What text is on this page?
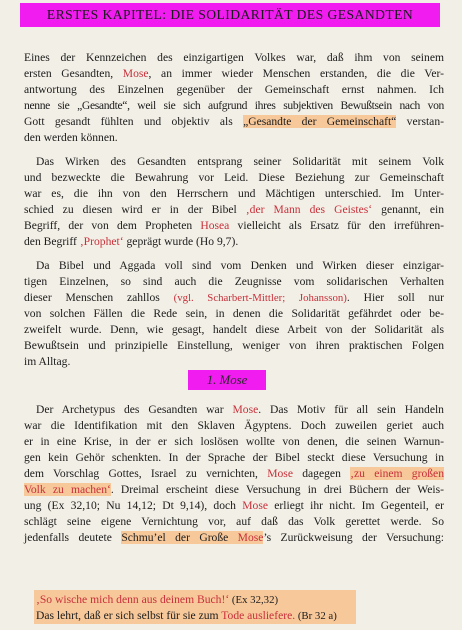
ERSTES KAPITEL: DIE SOLIDARITÄT DES GESANDTEN
Eines der Kennzeichen des einzigartigen Volkes war, daß ihm von seinem
ersten Gesandten, Mose, an immer wieder Menschen erstanden, die die Ver-
antwortung des Einzelnen gegenüber der Gemeinschaft ernst nahmen. Ich
nenne sie „Gesandte“, weil sie sich aufgrund ihres subjektiven Bewußtsein nach von
Gott gesandt fühlten und objektiv als „Gesandte der Gemeinschaft“ verstan-
den werden können.
Das Wirken des Gesandten entsprang seiner Solidarität mit seinem Volk
und bezweckte die Bewahrung vor Leid. Diese Beziehung zur Gemeinschaft
war es, die ihn von den Herrschern und Mächtigen unterschied. Im Unter-
schied zu diesen wird er in der Bibel ‚der Mann des Geistes‘ genannt, ein
Begriff, der von dem Propheten Hosea vielleicht als Ersatz für den irreführen-
den Begriff ‚Prophet‘ geprägt wurde (Ho 9,7).
Da Bibel und Aggada voll sind vom Denken und Wirken dieser einzigar-
tigen Einzelnen, so sind auch die Zeugnisse vom solidarischen Verhalten
dieser Menschen zahllos (vgl. Scharbert-Mittler; Johansson). Hier soll nur
von solchen Fällen die Rede sein, in denen die Solidarität gefährdet oder be-
zweifelt wurde. Denn, wie gesagt, handelt diese Arbeit von der Solidarität als
Bewußtsein und prinzipielle Einstellung, weniger von ihren praktischen Folgen
im Alltag.
1. Mose
Der Archetypus des Gesandten war Mose. Das Motiv für all sein Handeln
war die Identifikation mit den Sklaven Ägyptens. Doch zuweilen geriet auch
er in eine Krise, in der er sich loslösen wollte von denen, die seinen Warnun-
gen kein Gehör schenkten. In der Sprache der Bibel steckt diese Versuchung in
dem Vorschlag Gottes, Israel zu vernichten, Mose dagegen ‚zu einem großen
Volk zu machen‘. Dreimal erscheint diese Versuchung in drei Büchern der Weis-
ung (Ex 32,10; Nu 14,12; Dt 9,14), doch Mose erliegt ihr nicht. Im Gegenteil, er
schlägt seine eigene Vernichtung vor, auf daß das Volk gerettet werde. So
jedenfalls deutete Schmu’el der Große Mose’s Zurückweisung der Versuchung:
‚So wische mich denn aus deinem Buch!‘ (Ex 32,32)
Das lehrt, daß er sich selbst für sie zum Tode ausliefere. (Br 32 a)
